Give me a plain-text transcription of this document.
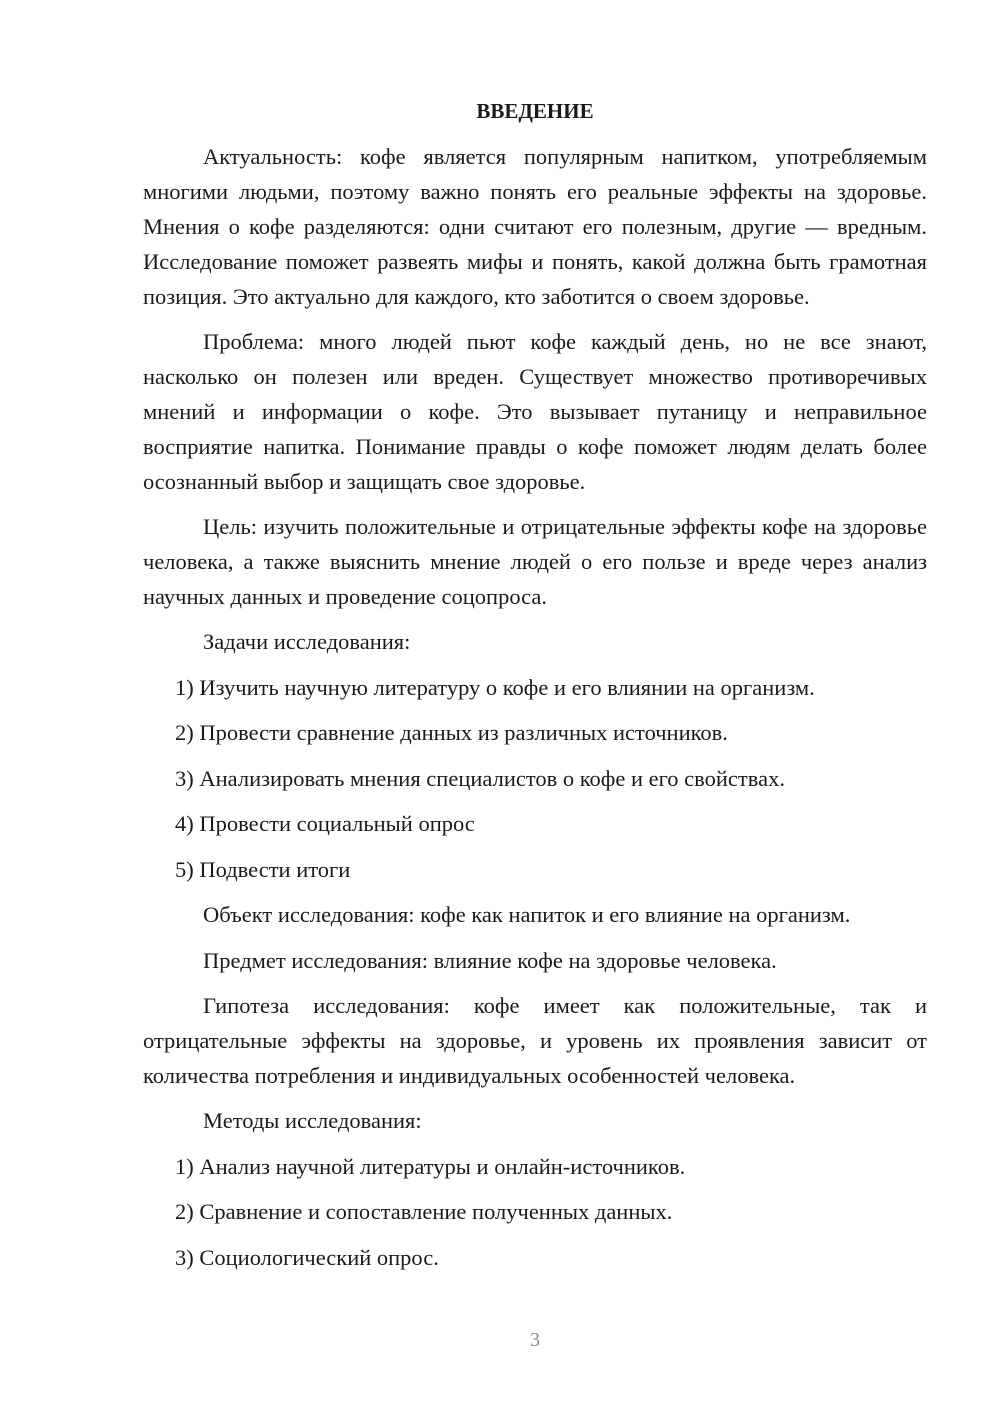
ВВЕДЕНИЕ

Актуальность: кофе является популярным напитком, употребляемым многими людьми, поэтому важно понять его реальные эффекты на здоровье. Мнения о кофе разделяются: одни считают его полезным, другие — вредным. Исследование поможет развеять мифы и понять, какой должна быть грамотная позиция. Это актуально для каждого, кто заботится о своем здоровье.

Проблема: много людей пьют кофе каждый день, но не все знают, насколько он полезен или вреден. Существует множество противоречивых мнений и информации о кофе. Это вызывает путаницу и неправильное восприятие напитка. Понимание правды о кофе поможет людям делать более осознанный выбор и защищать свое здоровье.

Цель: изучить положительные и отрицательные эффекты кофе на здоровье человека, а также выяснить мнение людей о его пользе и вреде через анализ научных данных и проведение соцопроса.

Задачи исследования:
1) Изучить научную литературу о кофе и его влиянии на организм.
2) Провести сравнение данных из различных источников.
3) Анализировать мнения специалистов о кофе и его свойствах.
4) Провести социальный опрос
5) Подвести итоги
Объект исследования: кофе как напиток и его влияние на организм.
Предмет исследования: влияние кофе на здоровье человека.

Гипотеза исследования: кофе имеет как положительные, так и отрицательные эффекты на здоровье, и уровень их проявления зависит от количества потребления и индивидуальных особенностей человека.

Методы исследования:
1) Анализ научной литературы и онлайн-источников.
2) Сравнение и сопоставление полученных данных.
3) Социологический опрос.
3
